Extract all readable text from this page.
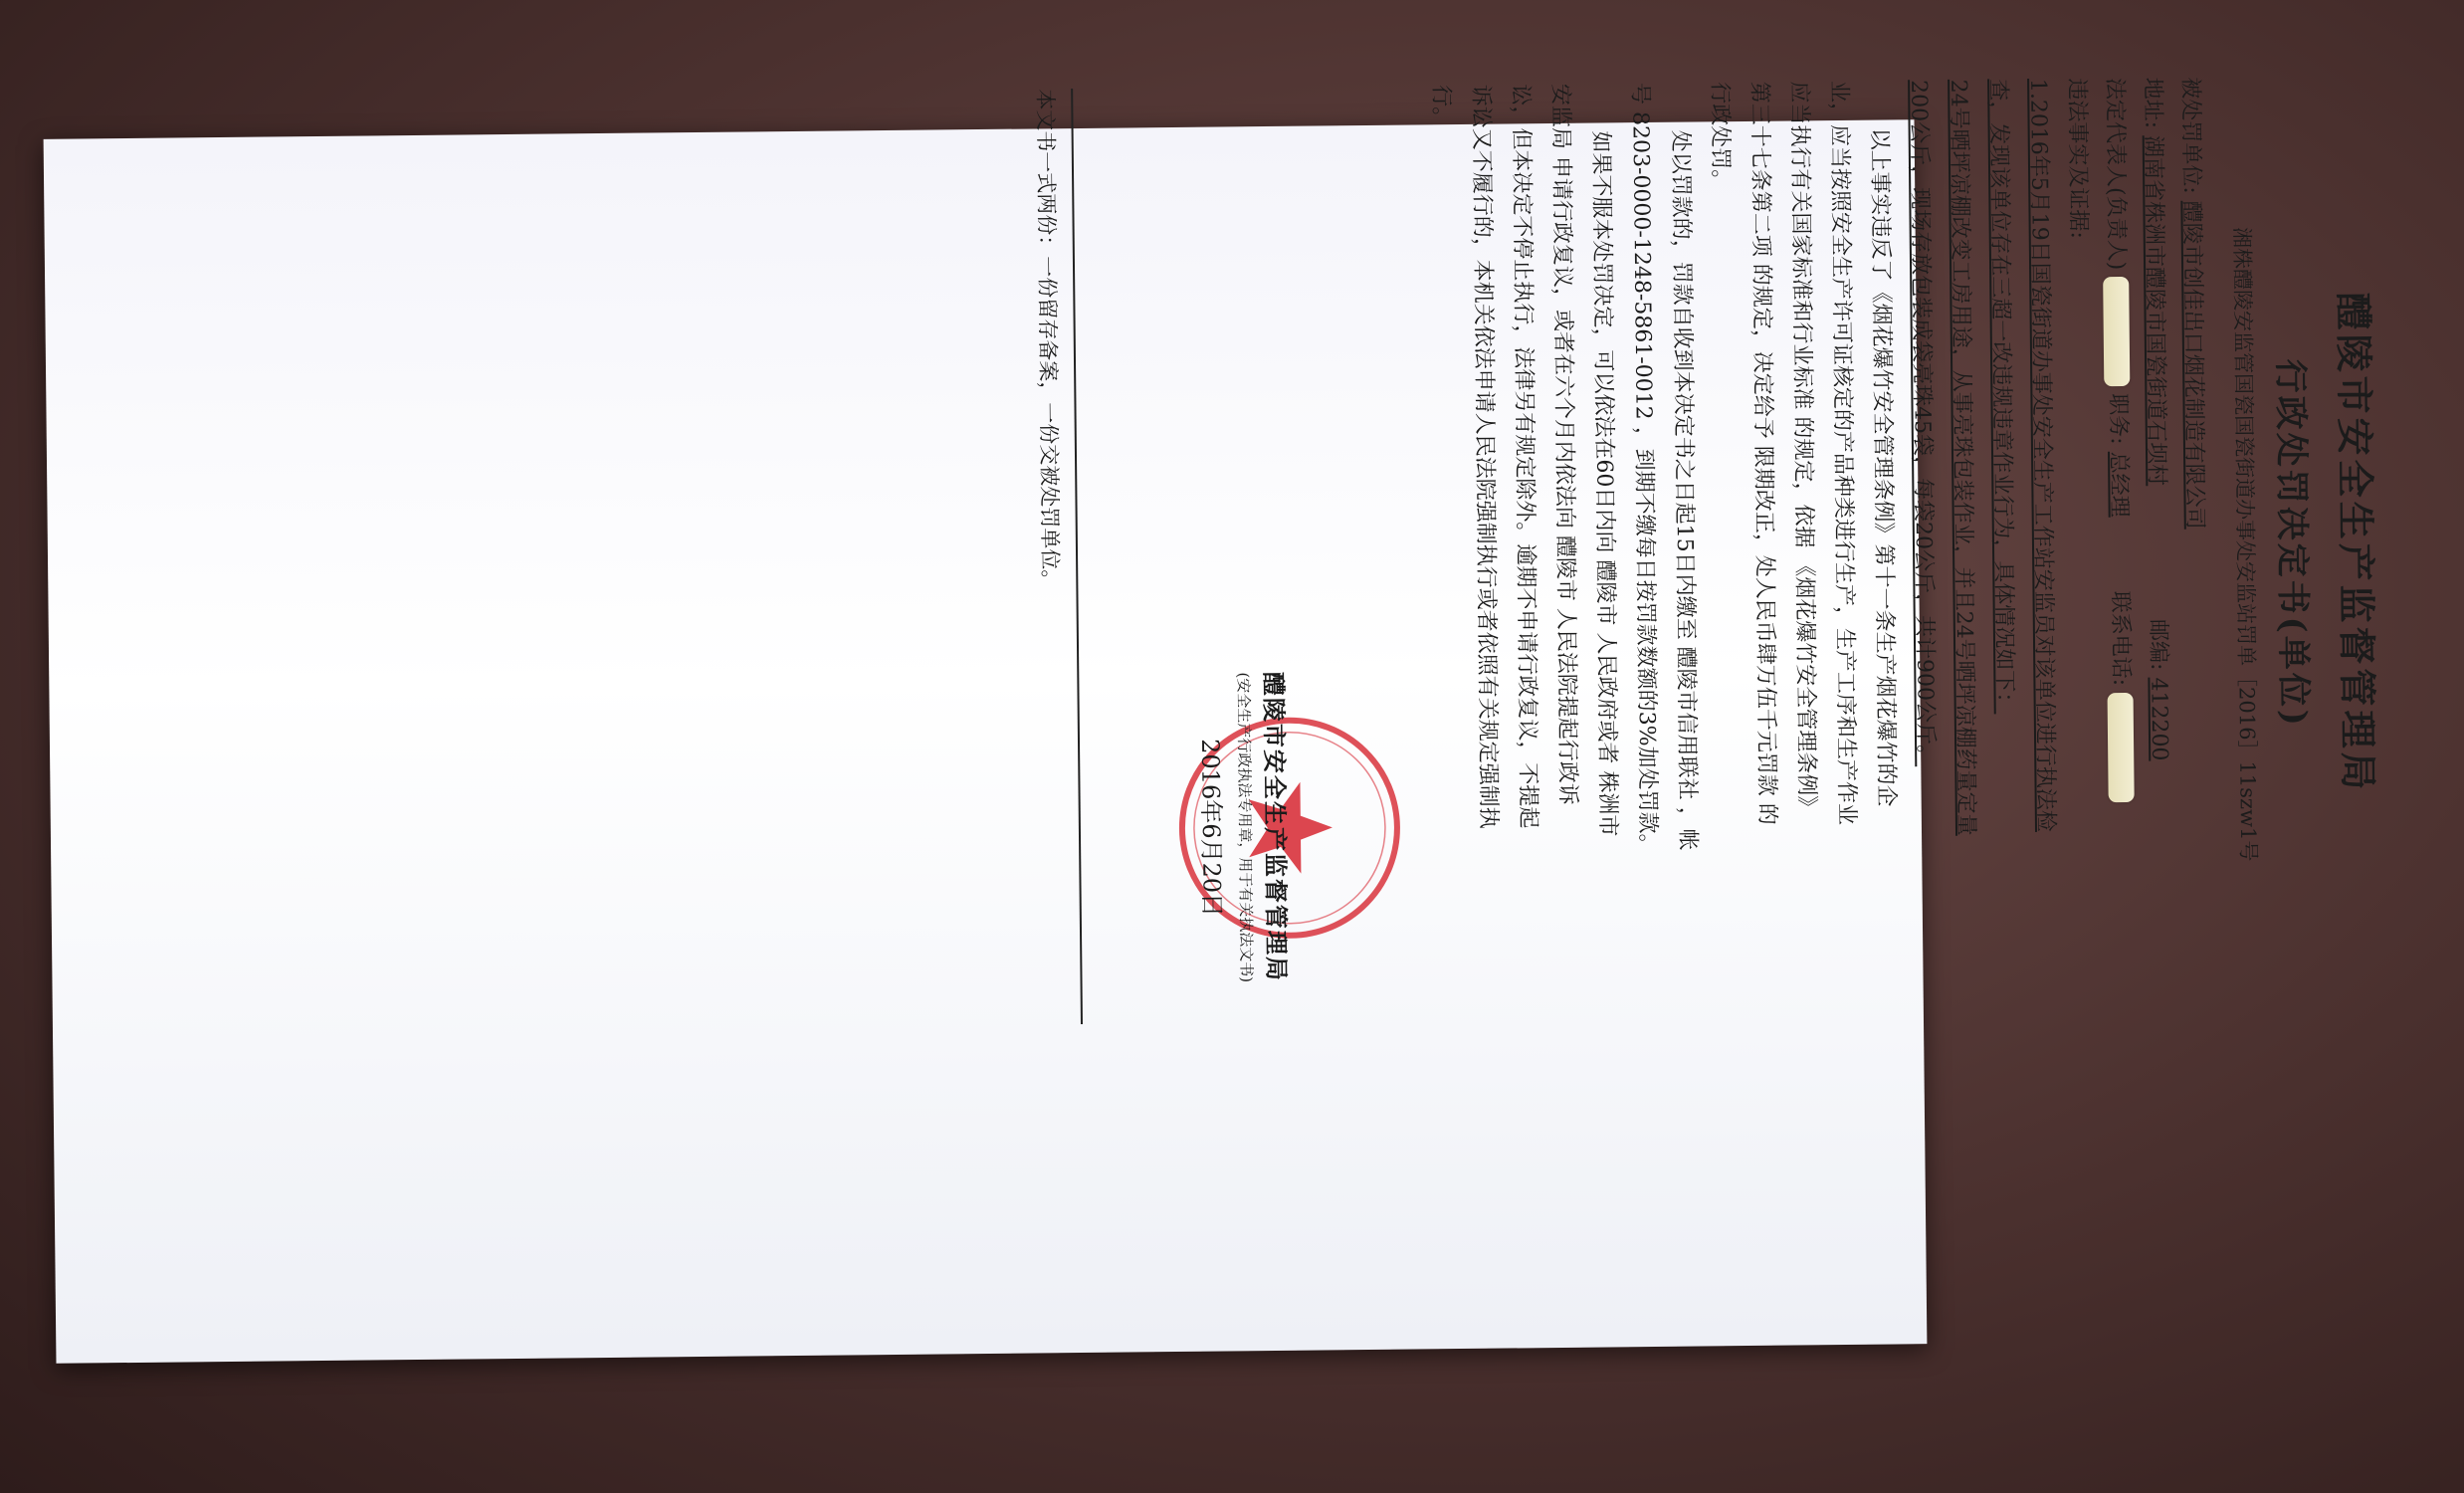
醴陵市安全生产监督管理局
行政处罚决定书(单位)
湘株醴陵安监管国瓷国瓷街道办事处安监站罚单［2016］11szw1号
被处罚单位: 醴陵市创佳出口烟花制造有限公司
地址: 湖南省株洲市醴陵市国瓷街道石坝村  邮编: 412200
法定代表人(负责人)  职务: 总经理  联系电话:
违法事实及证据:
1.2016年5月19日国瓷街道办事处安全生产工作站安监员对该单位进行执法检
查，发现该单位存在三超一改违规违章作业行为，具体情况如下：
24号晒坪凉棚改变工房用途，从事亮珠包装作业，并且24号晒坪凉棚药量定量
200公斤，现场存放包装成袋亮珠45袋，每袋20公斤，共计900公斤。
以上事实违反了《烟花爆竹安全管理条例》第十一条生产烟花爆竹的企
业，应当按照安全生产许可证核定的产品种类进行生产，生产工序和生产作业
应当执行有关国家标准和行业标准 的规定，依据 《烟花爆竹安全管理条例》
第三十七条第二项 的规定，决定给予 限期改正，处人民币肆万伍千元罚款 的
行政处罚。
处以罚款的，罚款自收到本决定书之日起15日内缴至 醴陵市信用联社 ，帐
号 8203-0000-1248-5861-0012 ，到期不缴每日按罚款数额的3%加处罚款。
如果不服本处罚决定，可以依法在60日内向 醴陵市 人民政府或者 株洲市
安监局 申请行政复议，或者在六个月内依法向 醴陵市 人民法院提起行政诉
讼，但本决定不停止执行，法律另有规定除外。逾期不申请行政复议，不提起
诉讼又不履行的，本机关依法申请人民法院强制执行或者依照有关规定强制执
行。
醴陵市安全生产监督管理局
(安全生产行政执法专用章，用于有关执法文书)
2016年6月20日
本文书一式两份：一份留存备案，一份交被处罚单位。
